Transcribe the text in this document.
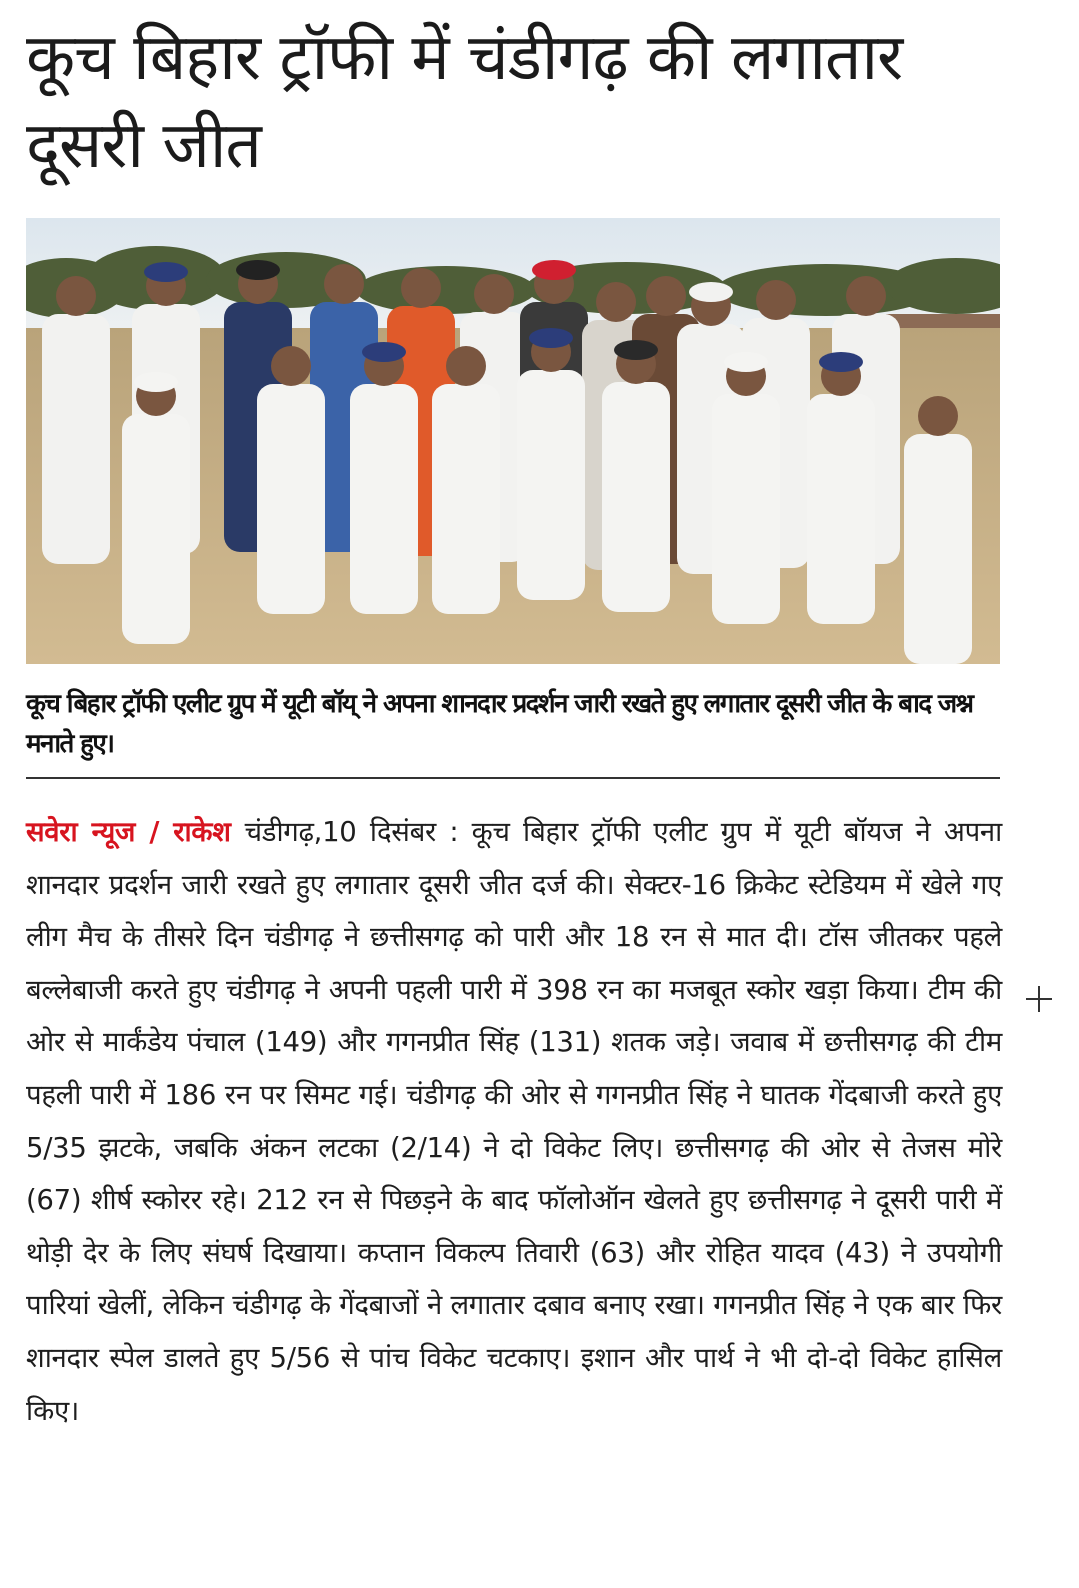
कूच बिहार ट्रॉफी में चंडीगढ़ की लगातार दूसरी जीत

कूच बिहार ट्रॉफी एलीट ग्रुप में यूटी बॉय् ने अपना शानदार प्रदर्शन जारी रखते हुए लगातार दूसरी जीत के बाद जश्न मनाते हुए।

सवेरा न्यूज / राकेश चंडीगढ़,10 दिसंबर : कूच बिहार ट्रॉफी एलीट ग्रुप में यूटी बॉयज ने अपना शानदार प्रदर्शन जारी रखते हुए लगातार दूसरी जीत दर्ज की। सेक्टर-16 क्रिकेट स्टेडियम में खेले गए लीग मैच के तीसरे दिन चंडीगढ़ ने छत्तीसगढ़ को पारी और 18 रन से मात दी। टॉस जीतकर पहले बल्लेबाजी करते हुए चंडीगढ़ ने अपनी पहली पारी में 398 रन का मजबूत स्कोर खड़ा किया। टीम की ओर से मार्कंडेय पंचाल (149) और गगनप्रीत सिंह (131) शतक जड़े। जवाब में छत्तीसगढ़ की टीम पहली पारी में 186 रन पर सिमट गई। चंडीगढ़ की ओर से गगनप्रीत सिंह ने घातक गेंदबाजी करते हुए 5/35 झटके, जबकि अंकन लटका (2/14) ने दो विकेट लिए। छत्तीसगढ़ की ओर से तेजस मोरे (67) शीर्ष स्कोरर रहे। 212 रन से पिछड़ने के बाद फॉलोऑन खेलते हुए छत्तीसगढ़ ने दूसरी पारी में थोड़ी देर के लिए संघर्ष दिखाया। कप्तान विकल्प तिवारी (63) और रोहित यादव (43) ने उपयोगी पारियां खेलीं, लेकिन चंडीगढ़ के गेंदबाजों ने लगातार दबाव बनाए रखा। गगनप्रीत सिंह ने एक बार फिर शानदार स्पेल डालते हुए 5/56 से पांच विकेट चटकाए। इशान और पार्थ ने भी दो-दो विकेट हासिल किए।
